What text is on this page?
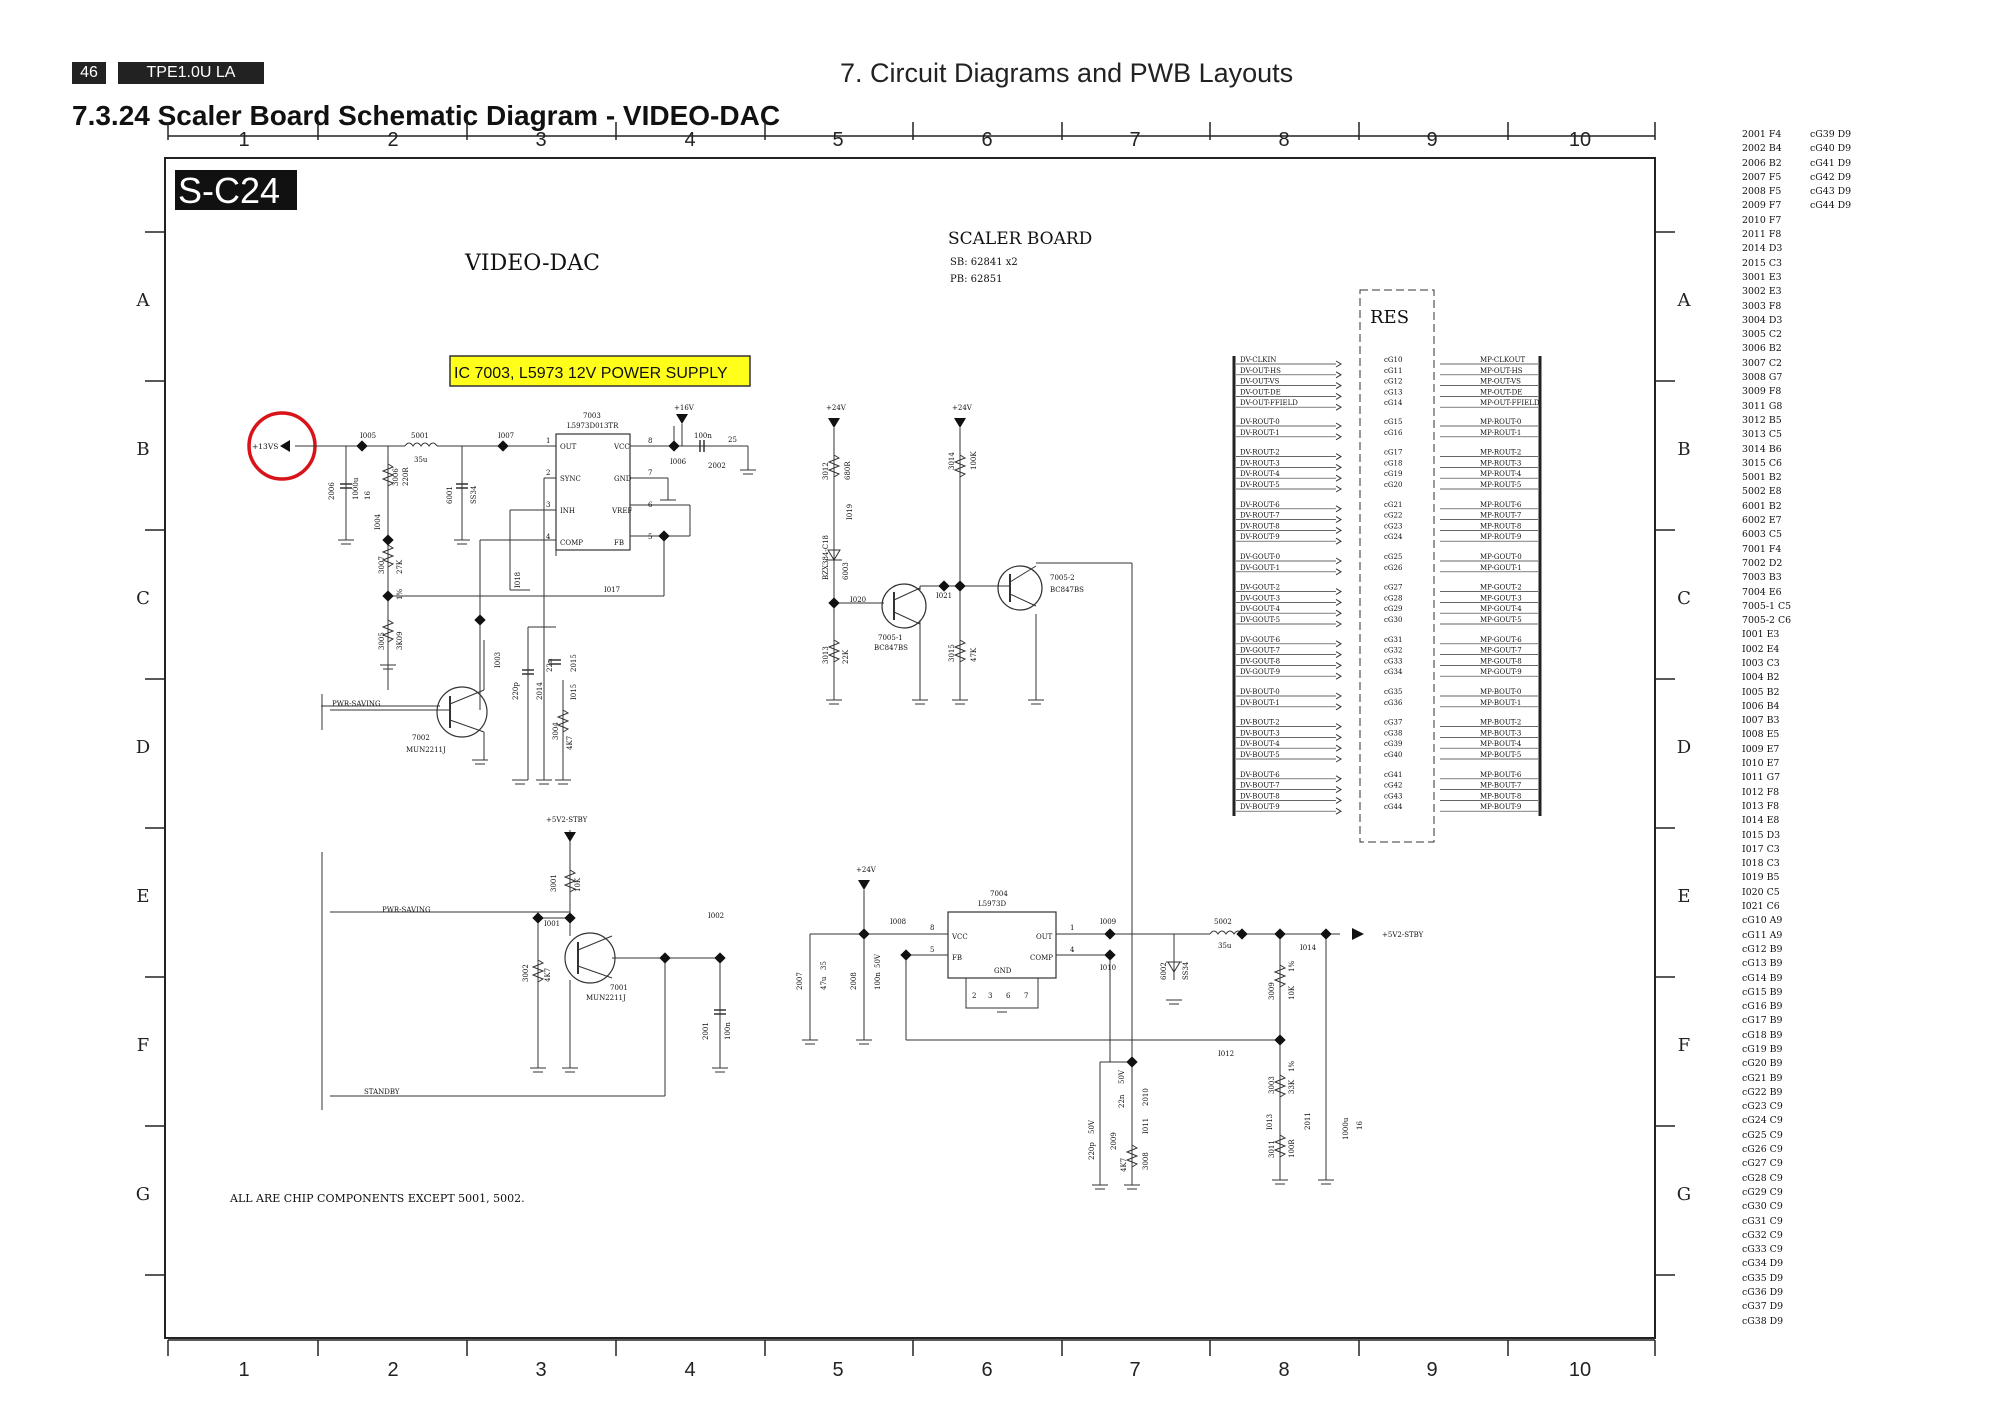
46	TPE1.0U LA	7. Circuit Diagrams and PWB Layouts
7.3.24 Scaler Board Schematic Diagram - VIDEO-DAC
1
1
2
2
3
3
4
4
5
5
6
6
7
7
8
8
9
9
10
10
A	A
B	B
C	C
D	D
E	E
F	F
G	G
S-C24
VIDEO-DAC
SCALER BOARD
SB: 62841 x2
PB: 62851
IC 7003, L5973 12V POWER SUPPLY
+13VS
7003
L5973D013TR
OUT
SYNC
INH
COMP
VCC
GND
VREF
FB
1
2
3
4
8
7
6
5
+16V
PWR-SAVING
+5V2-STBY
PWR-SAVING
STANDBY
+24V	+24V
+24V
+5V2-STBY
7004
L5973D
VCC
FB
OUT
COMP
GND
8
5
1
4
2 3 6 7
5001
35u
I005	I007
2006 1000u 16
3006 220R
6001 SS34
I004
3007 27K
1%
3005 3K09
I018
I017
I003
2014
220p
2015
22n
I015
3004
4K7
7002
MUN2211J
100n 25
2002
I006
3012 680R
I019
6003
BZX384-C18
I020
3013 22K
7005-1
BC847BS
3014 100K
I021
3015 47K
7005-2
BC847BS
3001 10K
I001
3002 4K7
7001
MUN2211J
I002
2001 100n
2007 47u
35
2008 100n
50V
I008	I009
I010	6002 SS34
5002
35u	I014
3009 10K
1%
I012
3003 33K
1%
I013
3011 100R
2011	1000u 16
2010
22n
50V
I011
2009
220p
50V
3008
4K7
RES
DV-CLKIN	cG10	MP-CLKOUT
DV-OUT-HS	cG11	MP-OUT-HS
DV-OUT-VS	cG12	MP-OUT-VS
DV-OUT-DE	cG13	MP-OUT-DE
DV-OUT-FFIELD	cG14	MP-OUT-FFIELD
DV-ROUT-0	cG15	MP-ROUT-0
DV-ROUT-1	cG16	MP-ROUT-1
DV-ROUT-2	cG17	MP-ROUT-2
DV-ROUT-3	cG18	MP-ROUT-3
DV-ROUT-4	cG19	MP-ROUT-4
DV-ROUT-5	cG20	MP-ROUT-5
DV-ROUT-6	cG21	MP-ROUT-6
DV-ROUT-7	cG22	MP-ROUT-7
DV-ROUT-8	cG23	MP-ROUT-8
DV-ROUT-9	cG24	MP-ROUT-9
DV-GOUT-0	cG25	MP-GOUT-0
DV-GOUT-1	cG26	MP-GOUT-1
DV-GOUT-2	cG27	MP-GOUT-2
DV-GOUT-3	cG28	MP-GOUT-3
DV-GOUT-4	cG29	MP-GOUT-4
DV-GOUT-5	cG30	MP-GOUT-5
DV-GOUT-6	cG31	MP-GOUT-6
DV-GOUT-7	cG32	MP-GOUT-7
DV-GOUT-8	cG33	MP-GOUT-8
DV-GOUT-9	cG34	MP-GOUT-9
DV-BOUT-0	cG35	MP-BOUT-0
DV-BOUT-1	cG36	MP-BOUT-1
DV-BOUT-2	cG37	MP-BOUT-2
DV-BOUT-3	cG38	MP-BOUT-3
DV-BOUT-4	cG39	MP-BOUT-4
DV-BOUT-5	cG40	MP-BOUT-5
DV-BOUT-6	cG41	MP-BOUT-6
DV-BOUT-7	cG42	MP-BOUT-7
DV-BOUT-8	cG43	MP-BOUT-8
DV-BOUT-9	cG44	MP-BOUT-9
ALL ARE CHIP COMPONENTS EXCEPT 5001, 5002.
2001 F4
2002 B4
2006 B2
2007 F5
2008 F5
2009 F7
2010 F7
2011 F8
2014 D3
2015 C3
3001 E3
3002 E3
3003 F8
3004 D3
3005 C2
3006 B2
3007 C2
3008 G7
3009 F8
3011 G8
3012 B5
3013 C5
3014 B6
3015 C6
5001 B2
5002 E8
6001 B2
6002 E7
6003 C5
7001 F4
7002 D2
7003 B3
7004 E6
7005-1 C5
7005-2 C6
I001 E3
I002 E4
I003 C3
I004 B2
I005 B2
I006 B4
I007 B3
I008 E5
I009 E7
I010 E7
I011 G7
I012 F8
I013 F8
I014 E8
I015 D3
I017 C3
I018 C3
I019 B5
I020 C5
I021 C6
cG10 A9
cG11 A9
cG12 B9
cG13 B9
cG14 B9
cG15 B9
cG16 B9
cG17 B9
cG18 B9
cG19 B9
cG20 B9
cG21 B9
cG22 B9
cG23 C9
cG24 C9
cG25 C9
cG26 C9
cG27 C9
cG28 C9
cG29 C9
cG30 C9
cG31 C9
cG32 C9
cG33 C9
cG34 D9
cG35 D9
cG36 D9
cG37 D9
cG38 D9
cG39 D9
cG40 D9
cG41 D9
cG42 D9
cG43 D9
cG44 D9
